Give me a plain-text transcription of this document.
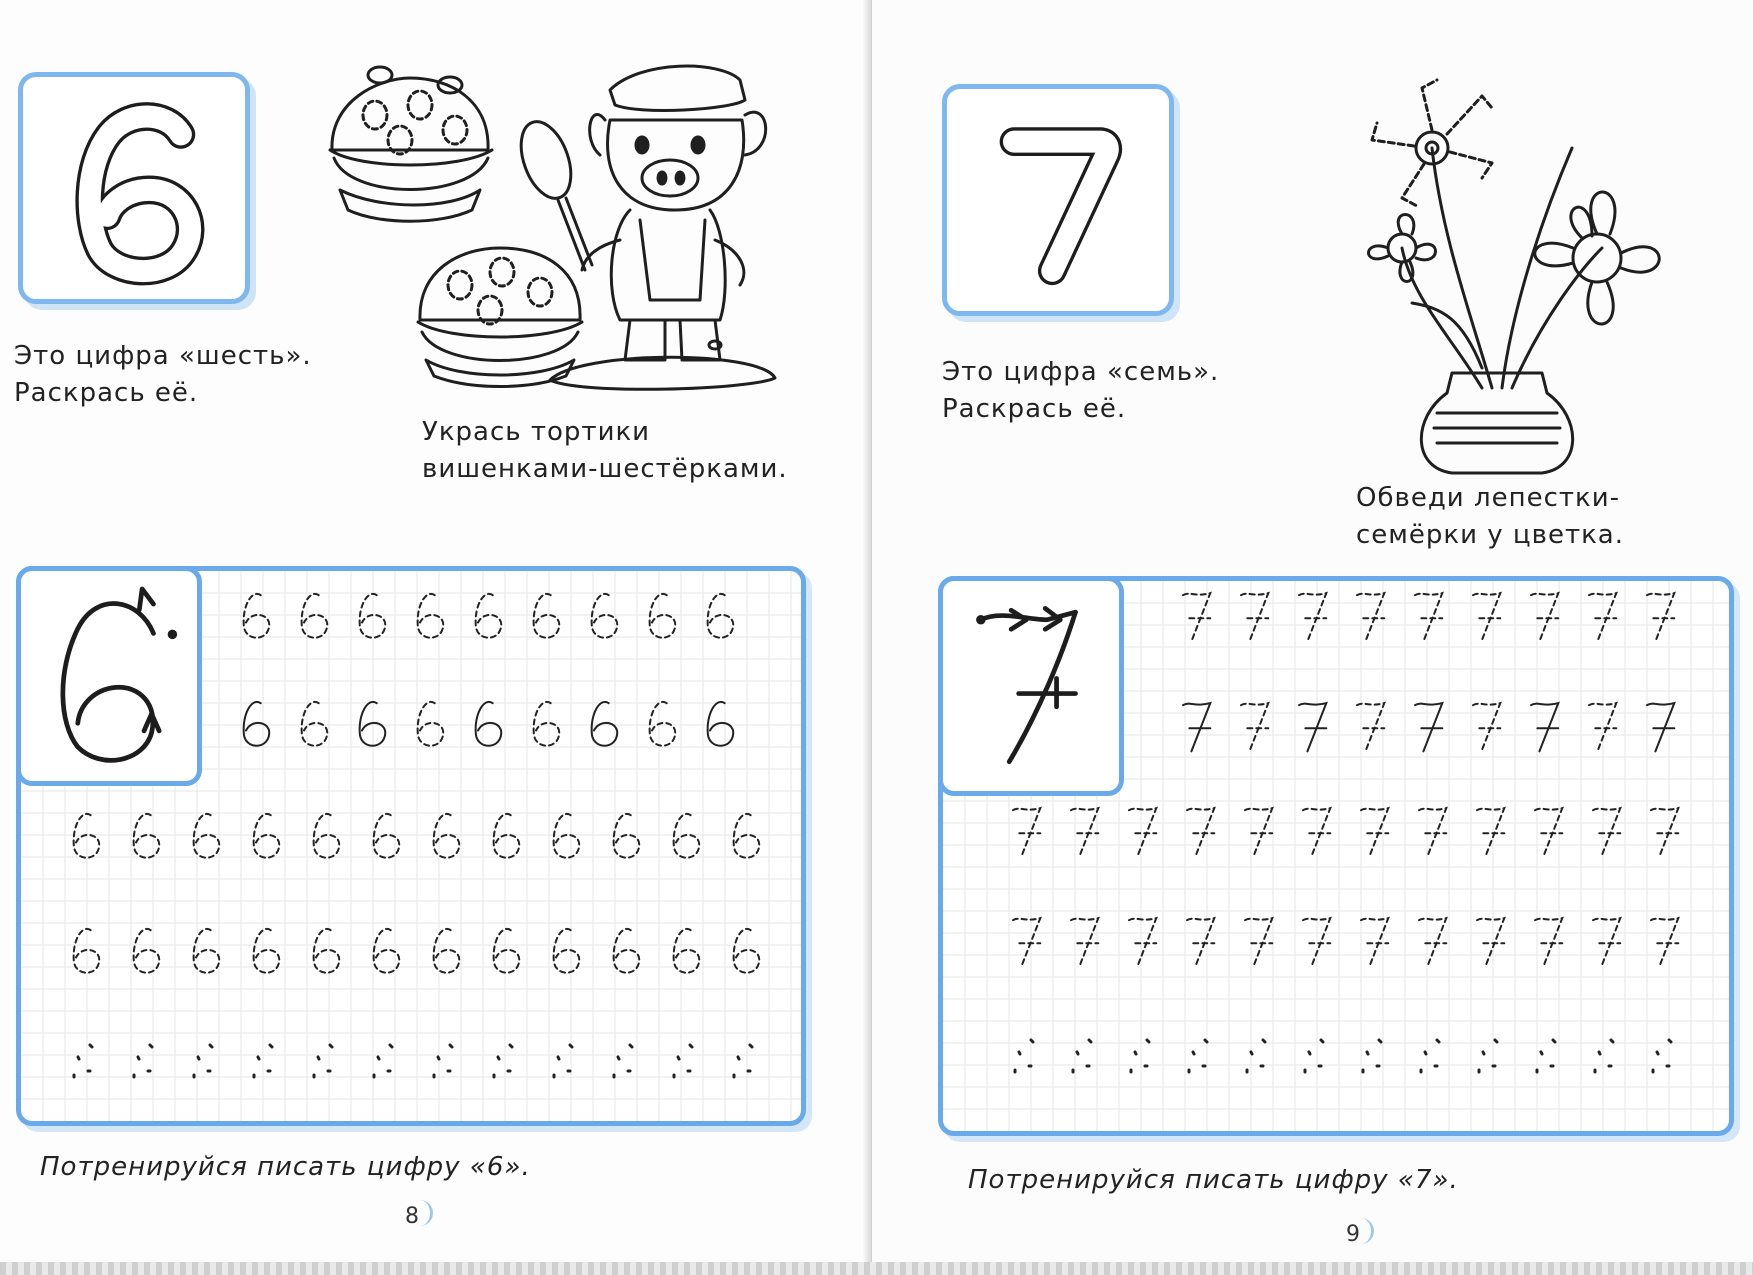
Это цифра «шесть».
Раскрась её.
Укрась тортики
вишенками-шестёрками.
Потренируйся писать цифру «6».
8
Это цифра «семь».
Раскрась её.
Обведи лепестки-
семёрки у цветка.
Потренируйся писать цифру «7».
9
